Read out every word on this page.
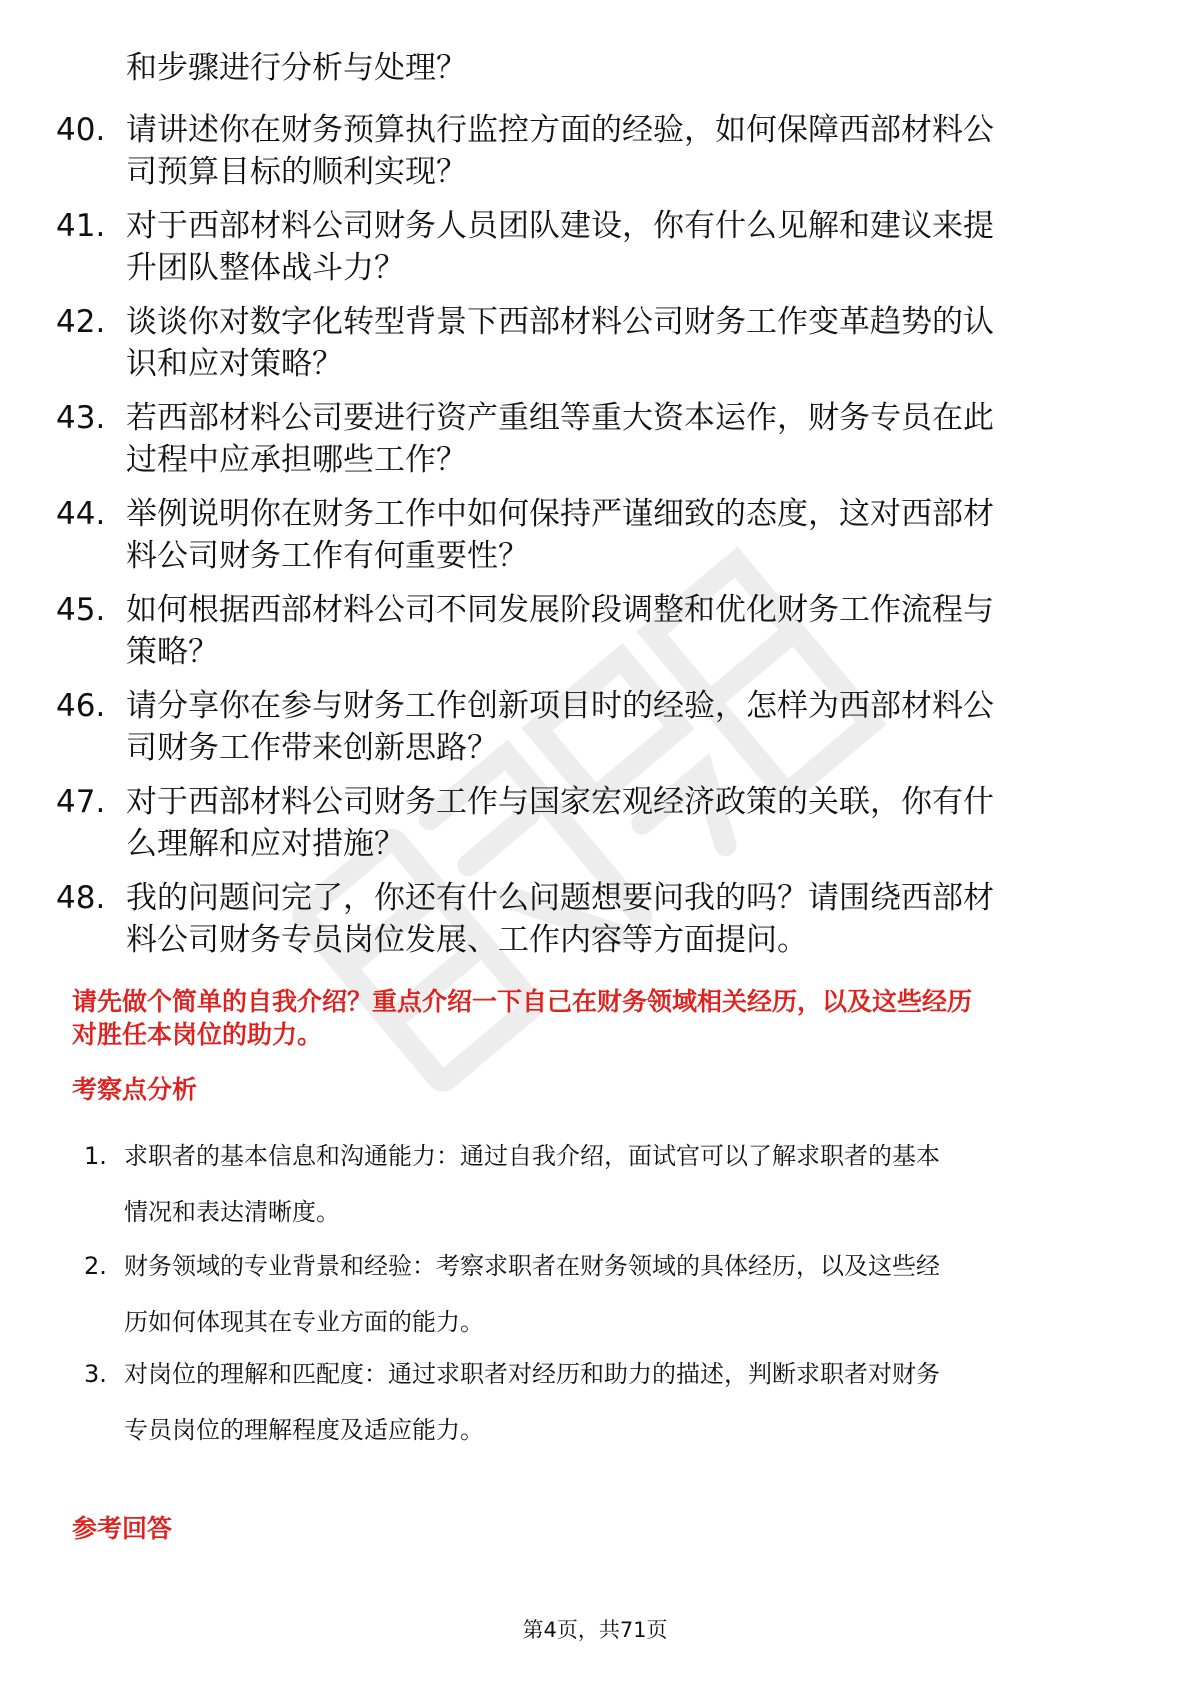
和步骤进行分析与处理？
40. 请讲述你在财务预算执行监控方面的经验，如何保障西部材料公
司预算目标的顺利实现？
41. 对于西部材料公司财务人员团队建设，你有什么见解和建议来提
升团队整体战斗力？
42. 谈谈你对数字化转型背景下西部材料公司财务工作变革趋势的认
识和应对策略？
43. 若西部材料公司要进行资产重组等重大资本运作，财务专员在此
过程中应承担哪些工作？
44. 举例说明你在财务工作中如何保持严谨细致的态度，这对西部材
料公司财务工作有何重要性？
45. 如何根据西部材料公司不同发展阶段调整和优化财务工作流程与
策略？
46. 请分享你在参与财务工作创新项目时的经验，怎样为西部材料公
司财务工作带来创新思路？
47. 对于西部材料公司财务工作与国家宏观经济政策的关联，你有什
么理解和应对措施？
48. 我的问题问完了，你还有什么问题想要问我的吗？请围绕西部材
料公司财务专员岗位发展、工作内容等方面提问。
请先做个简单的自我介绍？重点介绍一下自己在财务领域相关经历，以及这些经历
对胜任本岗位的助力。
考察点分析
1. 求职者的基本信息和沟通能力：通过自我介绍，面试官可以了解求职者的基本
情况和表达清晰度。
2. 财务领域的专业背景和经验：考察求职者在财务领域的具体经历，以及这些经
历如何体现其在专业方面的能力。
3. 对岗位的理解和匹配度：通过求职者对经历和助力的描述，判断求职者对财务
专员岗位的理解程度及适应能力。
参考回答
第4页，共71页
